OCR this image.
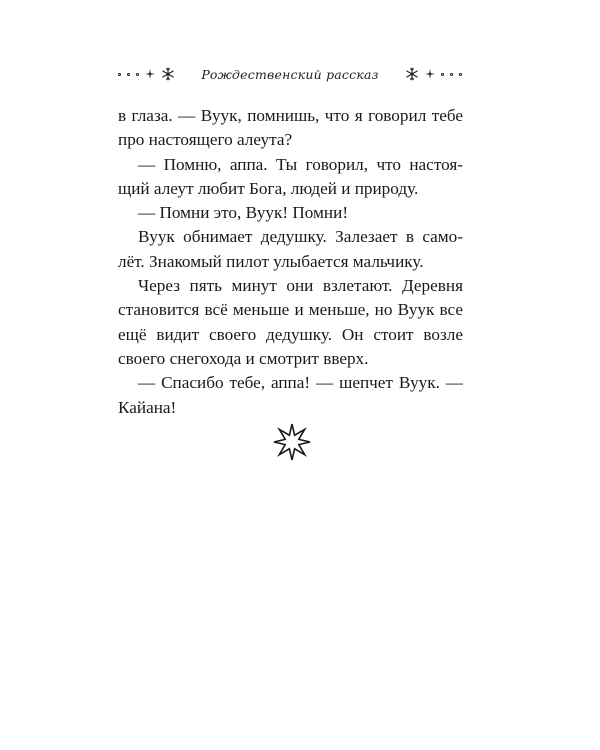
Рождественский рассказ
в глаза. — Вуук, помнишь, что я говорил тебе
про настоящего алеута?
— Помню, аппа. Ты говорил, что настоя-
щий алеут любит Бога, людей и природу.
— Помни это, Вуук! Помни!
Вуук обнимает дедушку. Залезает в само-
лёт. Знакомый пилот улыбается мальчику.
Через пять минут они взлетают. Деревня
становится всё меньше и меньше, но Вуук все
ещё видит своего дедушку. Он стоит возле
своего снегохода и смотрит вверх.
— Спасибо тебе, аппа! — шепчет Вуук. —
Кайана!
